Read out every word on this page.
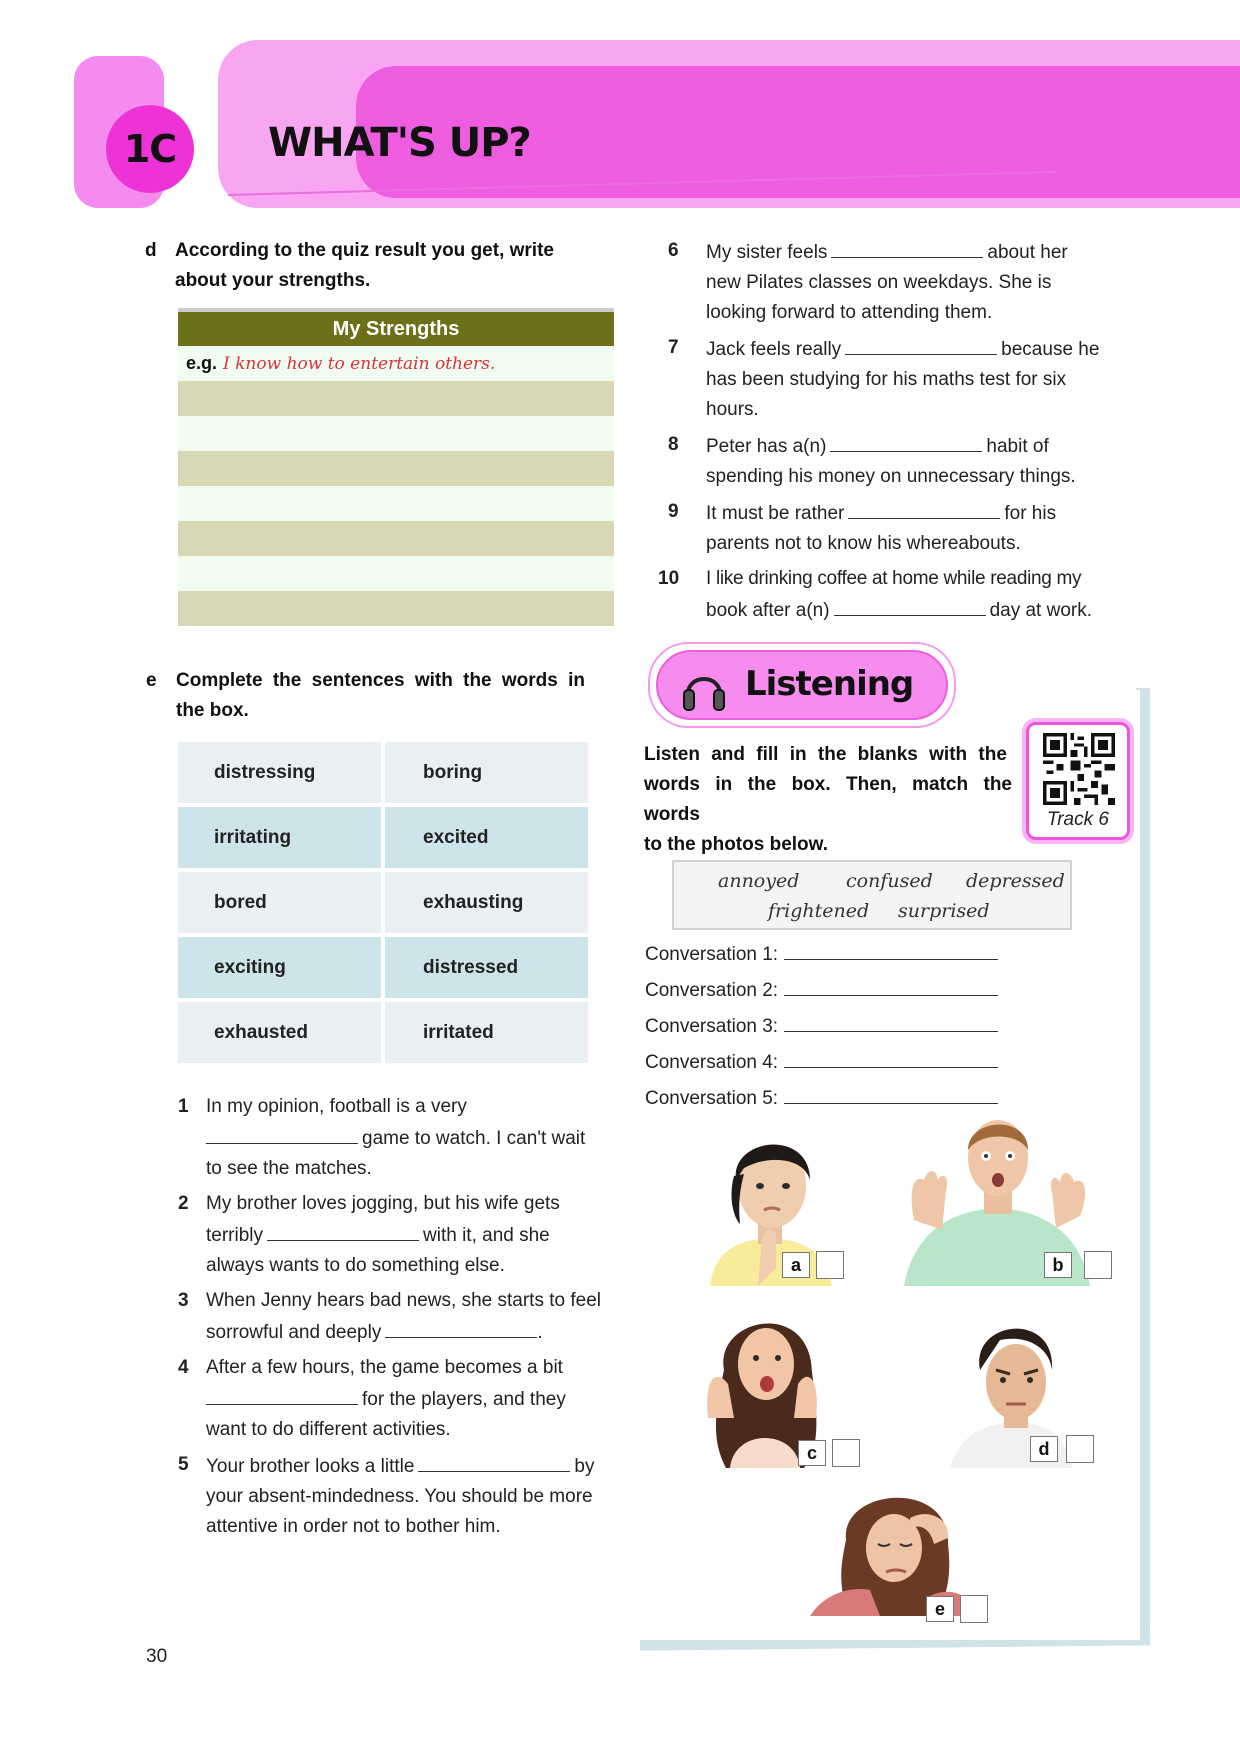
1C WHAT'S UP?
d According to the quiz result you get, write
about your strengths.
My Strengths
e.g. I know how to entertain others.
e Complete the sentences with the words in
the box.
distressing	boring
irritating	excited
bored	exhausting
exciting	distressed
exhausted	irritated
1 In my opinion, football is a very
game to watch. I can't wait
to see the matches.
2 My brother loves jogging, but his wife gets
terribly	with it, and she
always wants to do something else.
3 When Jenny hears bad news, she starts to feel
sorrowful and deeply	.
4 After a few hours, the game becomes a bit
for the players, and they
want to do different activities.
5 Your brother looks a little	by
your absent-mindedness. You should be more
attentive in order not to bother him.
6 My sister feels	about her
new Pilates classes on weekdays. She is
looking forward to attending them.
7 Jack feels really	because he
has been studying for his maths test for six
hours.
8 Peter has a(n)	habit of
spending his money on unnecessary things.
9 It must be rather	for his
parents not to know his whereabouts.
10 I like drinking coffee at home while reading my
book after a(n)	day at work.
Listening
Listen and fill in the blanks with the
words in the box. Then, match the words
to the photos below.
Track 6
annoyed confused depressed
frightened surprised
Conversation 1:
Conversation 2:
Conversation 3:
Conversation 4:
Conversation 5:
a	b
c	d
e
30
